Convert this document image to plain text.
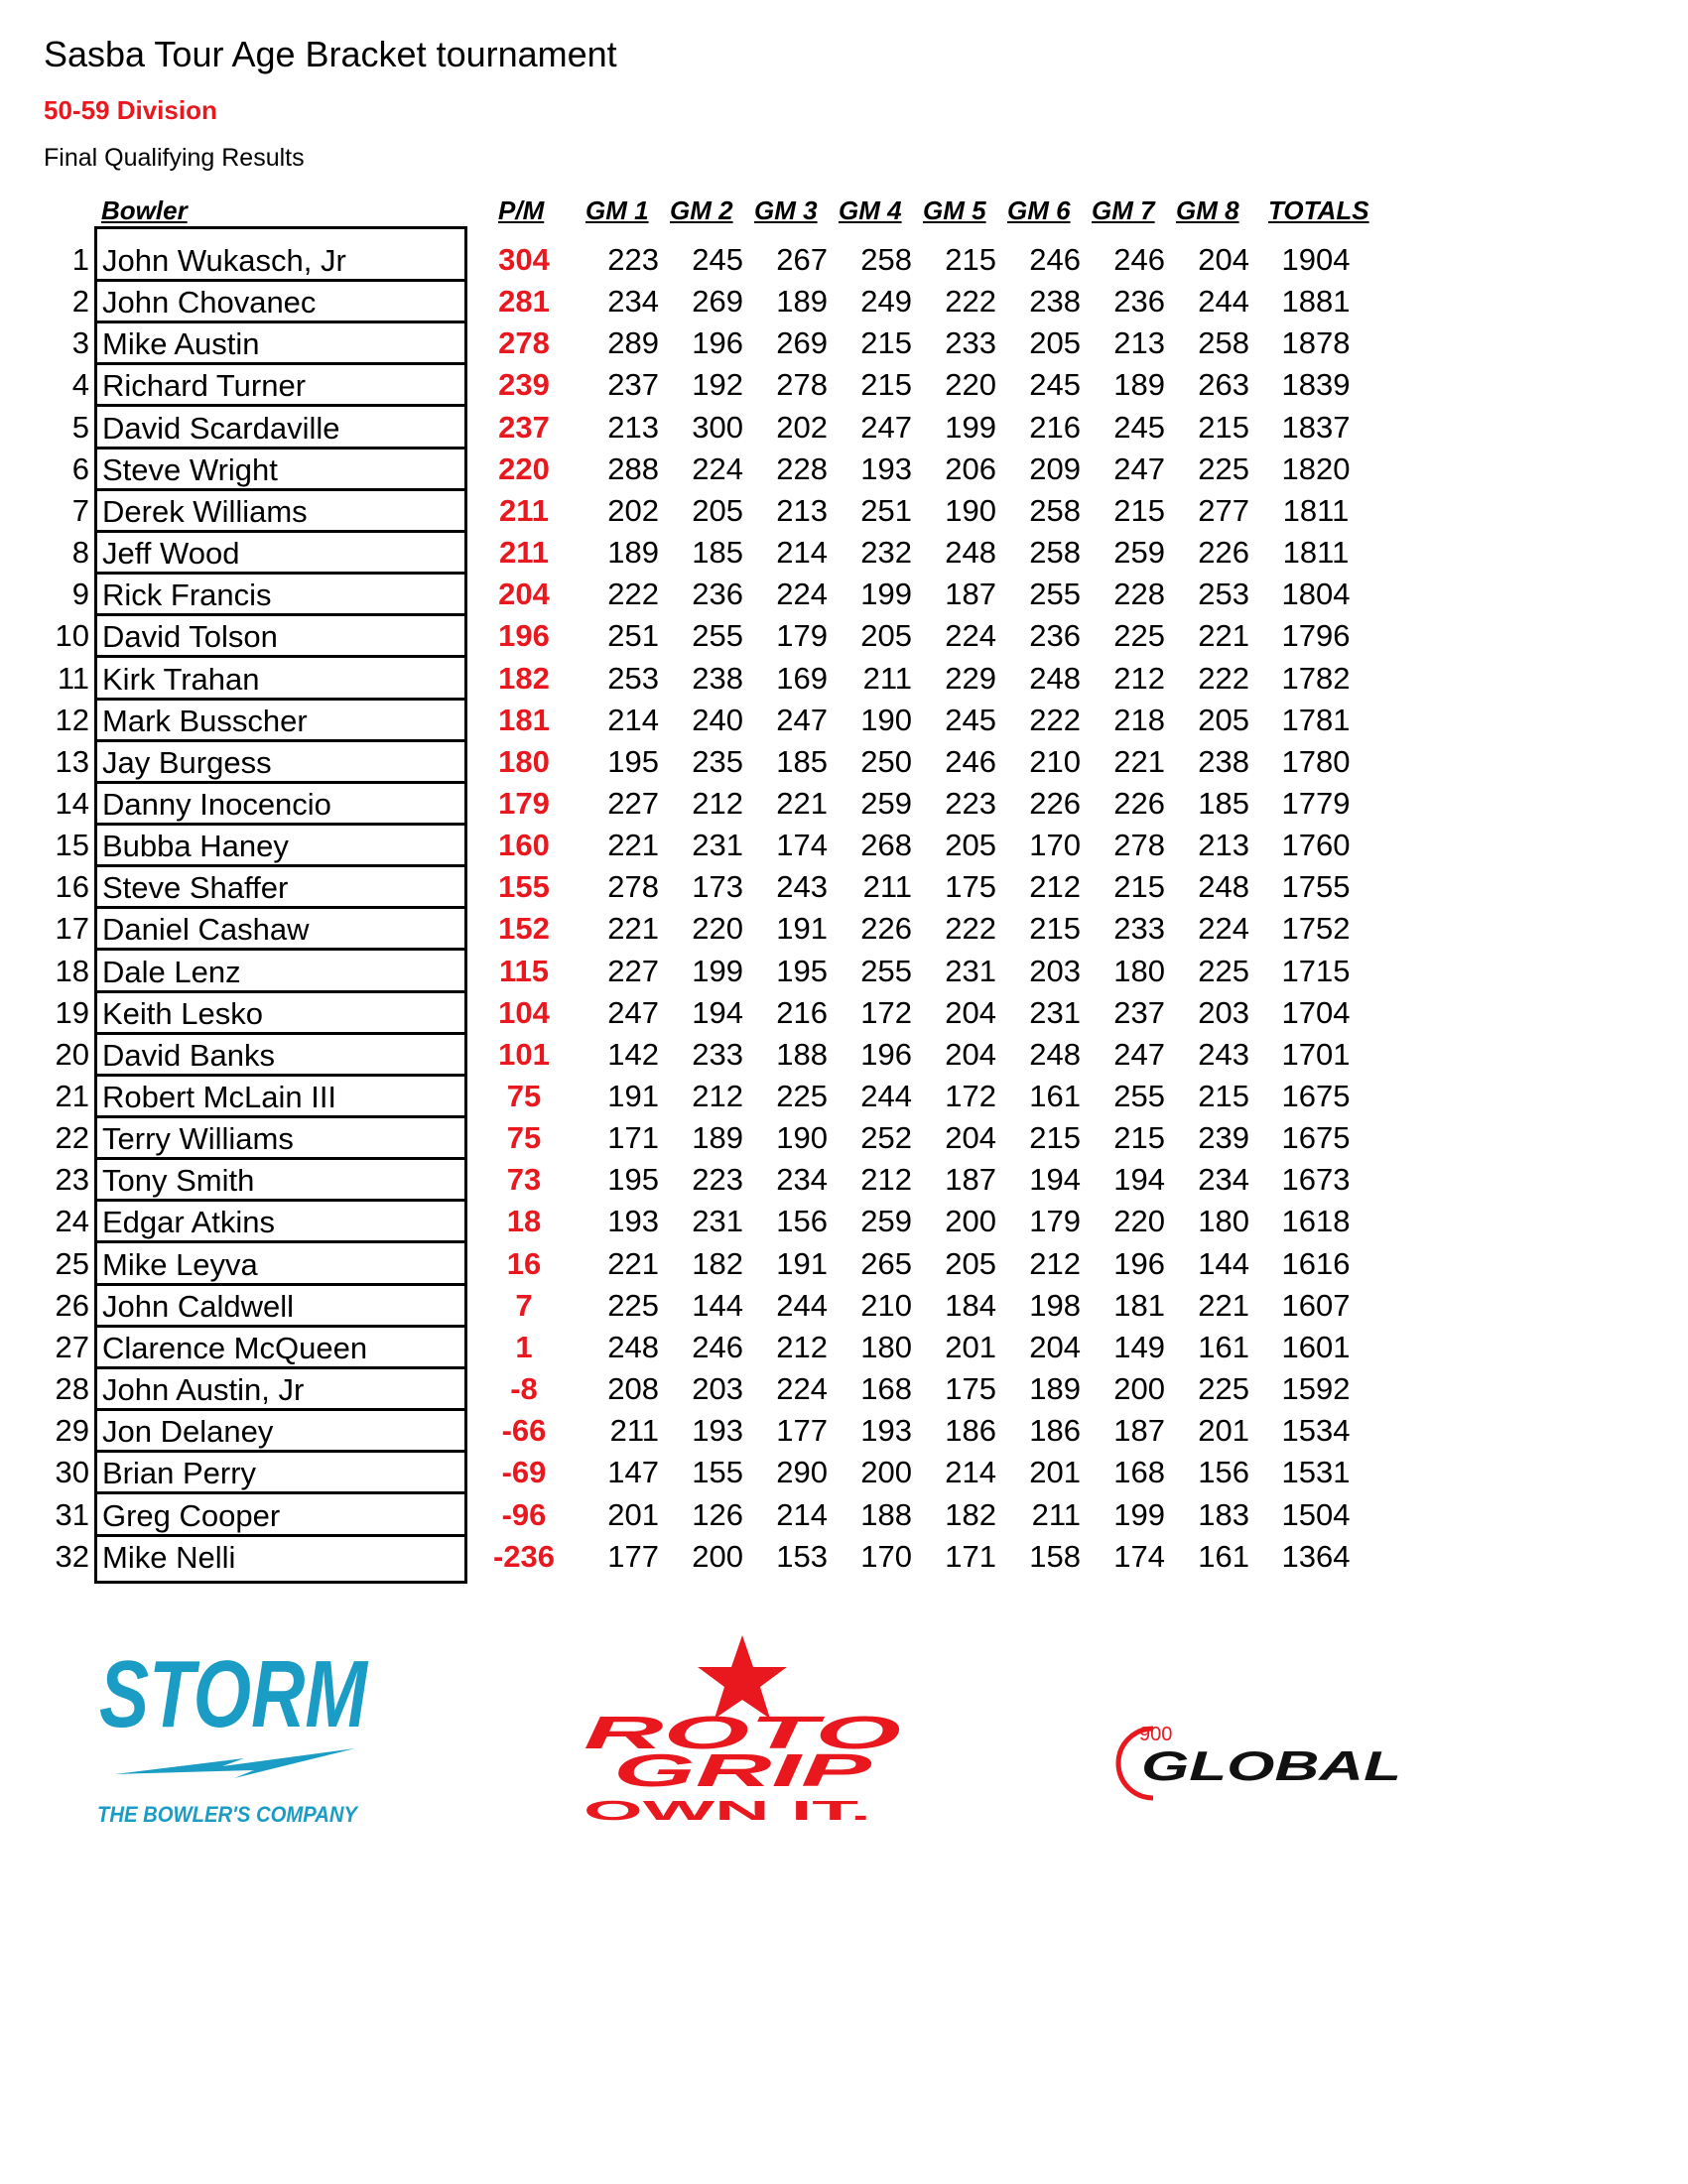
Sasba Tour Age Bracket tournament
50-59 Division
Final Qualifying Results
Bowler	P/M GM 1 GM 2 GM 3 GM 4 GM 5 GM 6 GM 7 GM 8 TOTALS
1 John Wukasch, Jr	304	223	245	267	258	215	246	246	204	1904
2 John Chovanec	281	234	269	189	249	222	238	236	244	1881
3 Mike Austin	278	289	196	269	215	233	205	213	258	1878
4 Richard Turner	239	237	192	278	215	220	245	189	263	1839
5 David Scardaville	237	213	300	202	247	199	216	245	215	1837
6 Steve Wright	220	288	224	228	193	206	209	247	225	1820
7 Derek Williams	211	202	205	213	251	190	258	215	277	1811
8 Jeff Wood	211	189	185	214	232	248	258	259	226	1811
9 Rick Francis	204	222	236	224	199	187	255	228	253	1804
10 David Tolson	196	251	255	179	205	224	236	225	221	1796
11 Kirk Trahan	182	253	238	169	211	229	248	212	222	1782
12 Mark Busscher	181	214	240	247	190	245	222	218	205	1781
13 Jay Burgess	180	195	235	185	250	246	210	221	238	1780
14 Danny Inocencio	179	227	212	221	259	223	226	226	185	1779
15 Bubba Haney	160	221	231	174	268	205	170	278	213	1760
16 Steve Shaffer	155	278	173	243	211	175	212	215	248	1755
17 Daniel Cashaw	152	221	220	191	226	222	215	233	224	1752
18 Dale Lenz	115	227	199	195	255	231	203	180	225	1715
19 Keith Lesko	104	247	194	216	172	204	231	237	203	1704
20 David Banks	101	142	233	188	196	204	248	247	243	1701
21 Robert McLain III	75	191	212	225	244	172	161	255	215	1675
22 Terry Williams	75	171	189	190	252	204	215	215	239	1675
23 Tony Smith	73	195	223	234	212	187	194	194	234	1673
24 Edgar Atkins	18	193	231	156	259	200	179	220	180	1618
25 Mike Leyva	16	221	182	191	265	205	212	196	144	1616
26 John Caldwell	7	225	144	244	210	184	198	181	221	1607
27 Clarence McQueen	1	248	246	212	180	201	204	149	161	1601
28 John Austin, Jr	-8	208	203	224	168	175	189	200	225	1592
29 Jon Delaney	-66	211	193	177	193	186	186	187	201	1534
30 Brian Perry	-69	147	155	290	200	214	201	168	156	1531
31 Greg Cooper	-96	201	126	214	188	182	211	199	183	1504
32 Mike Nelli	-236	177	200	153	170	171	158	174	161	1364
STORM
THE BOWLER'S COMPANY
ROTO
GRIP
OWN IT.
900
GLOBAL
